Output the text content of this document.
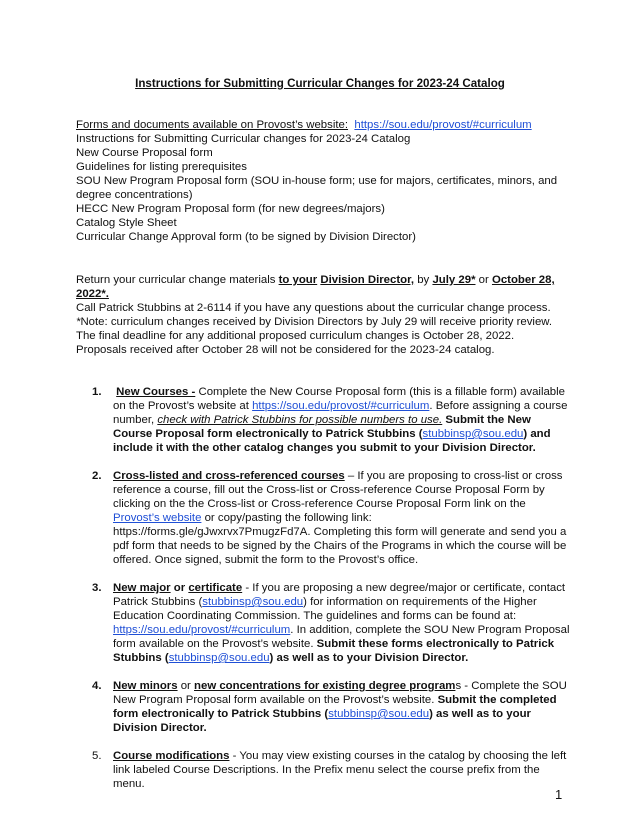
Instructions for Submitting Curricular Changes for 2023-24 Catalog
Forms and documents available on Provost’s website: https://sou.edu/provost/#curriculum
Instructions for Submitting Curricular changes for 2023-24 Catalog
New Course Proposal form
Guidelines for listing prerequisites
SOU New Program Proposal form (SOU in-house form; use for majors, certificates, minors, and degree concentrations)
HECC New Program Proposal form (for new degrees/majors)
Catalog Style Sheet
Curricular Change Approval form (to be signed by Division Director)
Return your curricular change materials to your Division Director, by July 29* or October 28, 2022*.
Call Patrick Stubbins at 2-6114 if you have any questions about the curricular change process.
*Note: curriculum changes received by Division Directors by July 29 will receive priority review. The final deadline for any additional proposed curriculum changes is October 28, 2022. Proposals received after October 28 will not be considered for the 2023-24 catalog.
1. New Courses - Complete the New Course Proposal form (this is a fillable form) available on the Provost’s website at https://sou.edu/provost/#curriculum. Before assigning a course number, check with Patrick Stubbins for possible numbers to use. Submit the New Course Proposal form electronically to Patrick Stubbins (stubbinsp@sou.edu) and include it with the other catalog changes you submit to your Division Director.
2. Cross-listed and cross-referenced courses – If you are proposing to cross-list or cross reference a course, fill out the Cross-list or Cross-reference Course Proposal Form by clicking on the the Cross-list or Cross-reference Course Proposal Form link on the Provost’s website or copy/pasting the following link: https://forms.gle/gJwxrvx7PmugzFd7A. Completing this form will generate and send you a pdf form that needs to be signed by the Chairs of the Programs in which the course will be offered. Once signed, submit the form to the Provost’s office.
3. New major or certificate - If you are proposing a new degree/major or certificate, contact Patrick Stubbins (stubbinsp@sou.edu) for information on requirements of the Higher Education Coordinating Commission. The guidelines and forms can be found at: https://sou.edu/provost/#curriculum. In addition, complete the SOU New Program Proposal form available on the Provost’s website. Submit these forms electronically to Patrick Stubbins (stubbinsp@sou.edu) as well as to your Division Director.
4. New minors or new concentrations for existing degree programs - Complete the SOU New Program Proposal form available on the Provost’s website. Submit the completed form electronically to Patrick Stubbins (stubbinsp@sou.edu) as well as to your Division Director.
5. Course modifications - You may view existing courses in the catalog by choosing the left link labeled Course Descriptions. In the Prefix menu select the course prefix from the menu.
1
